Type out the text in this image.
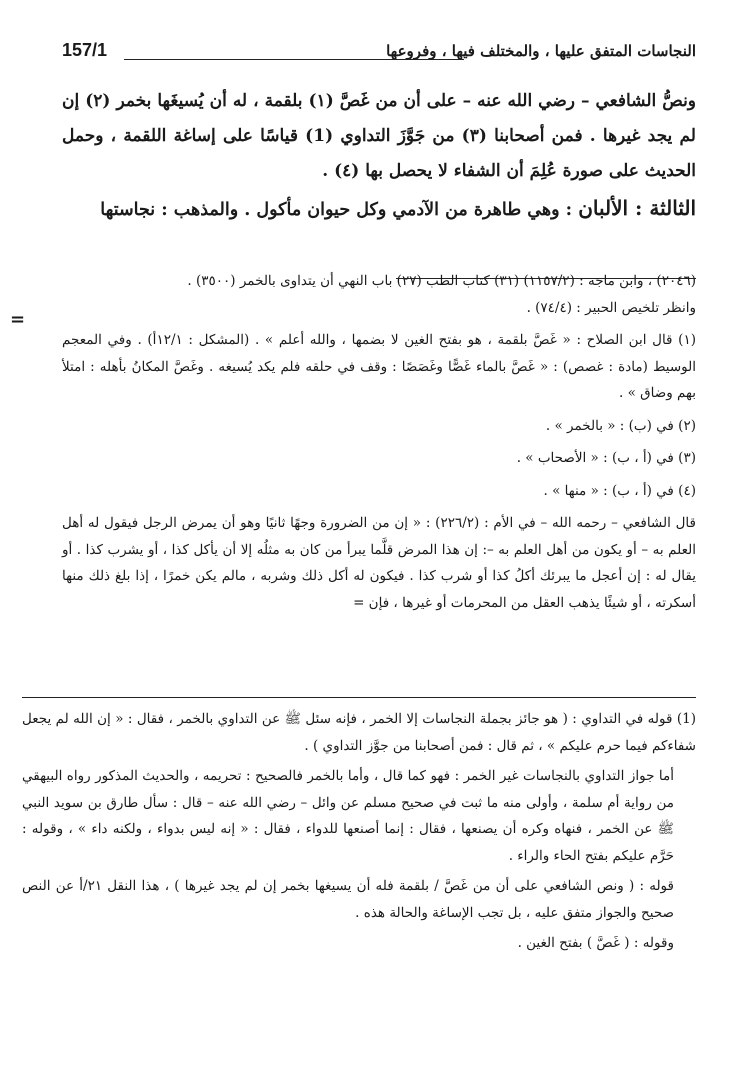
النجاسات المتفق عليها ، والمختلف فيها ، وفروعها
157/1

ونصُّ الشافعي – رضي الله عنه – على أن من غَصَّ (١) بلقمة ، له أن يُسيغَها بخمر (٢) إن لم يجد غيرها . فمن أصحابنا (٣) من جَوَّزَ التداوي (1) قياسًا على إساغة اللقمة ، وحمل الحديث على صورة عُلِمَ أن الشفاء لا يحصل بها (٤) .

الثالثة : الألبان : وهي طاهرة من الآدمي وكل حيوان مأكول . والمذهب : نجاستها

=

(٢٠٤٦) ، وابن ماجه : (١١٥٧/٢) (٣١) كتاب الطب (٢٧) باب النهي أن يتداوى بالخمر (٣٥٠٠) .

وانظر تلخيص الحبير : (٧٤/٤) .

(١) قال ابن الصلاح : « غَصَّ بلقمة ، هو بفتح الغين لا بضمها ، والله أعلم » . (المشكل : ١٢/١أ) . وفي المعجم الوسيط (مادة : غصص) : « غَصَّ بالماء غَصًّا وغَصَصًا : وقف في حلقه فلم يكد يُسيغه . وغَصَّ المكانُ بأهله : امتلأ بهم وضاق » .

(٢) في (ب) : « بالخمر » .

(٣) في (أ ، ب) : « الأصحاب » .

(٤) في (أ ، ب) : « منها » .

قال الشافعي – رحمه الله – في الأم : (٢٢٦/٢) : « إن من الضرورة وجهًا ثانيًا وهو أن يمرض الرجل فيقول له أهل العلم به – أو يكون من أهل العلم به –: إن هذا المرض قلَّما يبرأ من كان به مثلُه إلا أن يأكل كذا ، أو يشرب كذا . أو يقال له : إن أعجل ما يبرئك أكلُ كذا أو شرب كذا . فيكون له أكل ذلك وشربه ، مالم يكن خمرًا ، إذا بلغ ذلك منها أسكرته ، أو شيئًا يذهب العقل من المحرمات أو غيرها ، فإن =

(1) قوله في التداوي : ( هو جائز بجملة النجاسات إلا الخمر ، فإنه سئل ﷺ عن التداوي بالخمر ، فقال : « إن الله لم يجعل شفاءكم فيما حرم عليكم » ، ثم قال : فمن أصحابنا من جوَّز التداوي ) .

أما جواز التداوي بالنجاسات غير الخمر : فهو كما قال ، وأما بالخمر فالصحيح : تحريمه ، والحديث المذكور رواه البيهقي من رواية أم سلمة ، وأولى منه ما ثبت في صحيح مسلم عن وائل – رضي الله عنه – قال : سأل طارق بن سويد النبي ﷺ عن الخمر ، فنهاه وكره أن يصنعها ، فقال : إنما أصنعها للدواء ، فقال : « إنه ليس بدواء ، ولكنه داء » ، وقوله : حَرَّم عليكم بفتح الحاء والراء .

قوله : ( ونص الشافعي على أن من غَصَّ / بلقمة فله أن يسيغها بخمر إن لم يجد غيرها ) ، هذا النقل ٢١/أ عن النص صحيح والجواز متفق عليه ، بل تجب الإساغة والحالة هذه .

وقوله : ( غَصَّ ) بفتح الغين .
